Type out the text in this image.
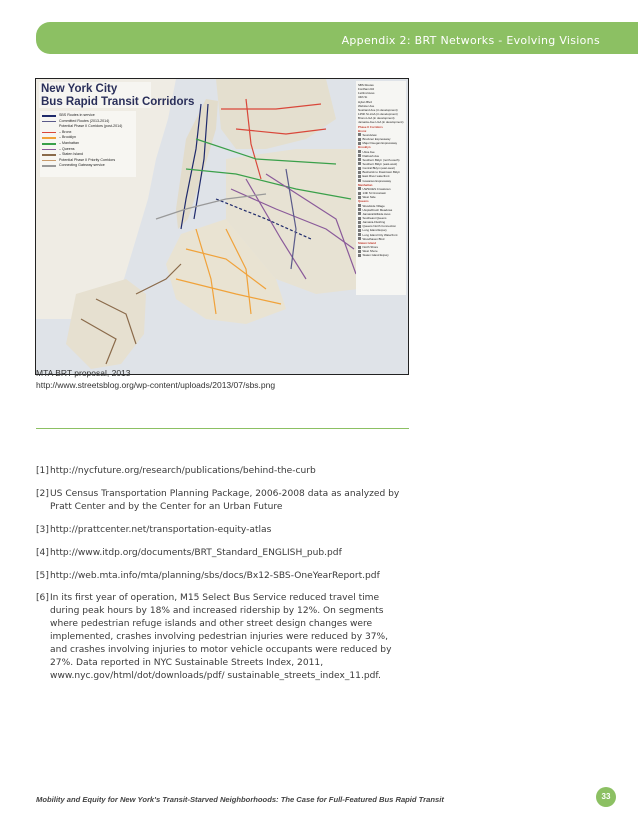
Appendix 2: BRT Networks - Evolving Visions
New York City
Bus Rapid Transit Corridors
SBS Routes in service
Committed Routes (2013-2014)
Potential Phase II Corridors (post-2014)
– Bronx
– Brooklyn
– Manhattan
– Queens
– Staten Island
Potential Phase II Priority Corridors
Connecting Gateway service
SBS Routes
Fordham Rd
1st/2nd Aves
34th St
Hylan Blvd
Webster Ave
Nostrand Ave (in development)
125th St-LGA (in development)
Bronx-LGA (in development)
Jamaica-Ave LGA (in development)
Phase II Corridors
Bronx
Soundview
Bruckner Expressway
Major Deegan Expressway
Brooklyn
Utica Ave
Flatbush Ave
Southern Bklyn (north-south)
Southern Bklyn (east-west)
Central Bklyn (east-west)
Bushwick to Downtown Bklyn
East River waterfront
Gowanus Expressway
Manhattan
UWS/UES Crosstown
14th St Crosstown
West Side
Queens
Woodside Village
Utopia/Fresh Meadows
Jamaica/Hillside Aves
Southeast Queens
Jamaica-Flushing
Queens North Connection
Long Island Expwy
Long Island City Waterfront
Woodhaven Blvd
Staten Island
North Shore
West Shore
Staten Island Expwy
MTA BRT proposal, 2013
http://www.streetsblog.org/wp-content/uploads/2013/07/sbs.png
[1] http://nycfuture.org/research/publications/behind-the-curb
[2] US Census Transportation Planning Package, 2006-2008 data as analyzed by Pratt Center and by the Center for an Urban Future
[3] http://prattcenter.net/transportation-equity-atlas
[4] http://www.itdp.org/documents/BRT_Standard_ENGLISH_pub.pdf
[5] http://web.mta.info/mta/planning/sbs/docs/Bx12-SBS-OneYearReport.pdf
[6] In its first year of operation, M15 Select Bus Service reduced travel time during peak hours by 18% and increased ridership by 12%. On segments where pedestrian refuge islands and other street design changes were implemented, crashes involving pedestrian injuries were reduced by 37%, and crashes involving injuries to motor vehicle occupants were reduced by 27%. Data reported in NYC Sustainable Streets Index, 2011, www.nyc.gov/html/dot/downloads/pdf/ sustainable_streets_index_11.pdf.
Mobility and Equity for New York's Transit-Starved Neighborhoods: The Case for Full-Featured Bus Rapid Transit	33
